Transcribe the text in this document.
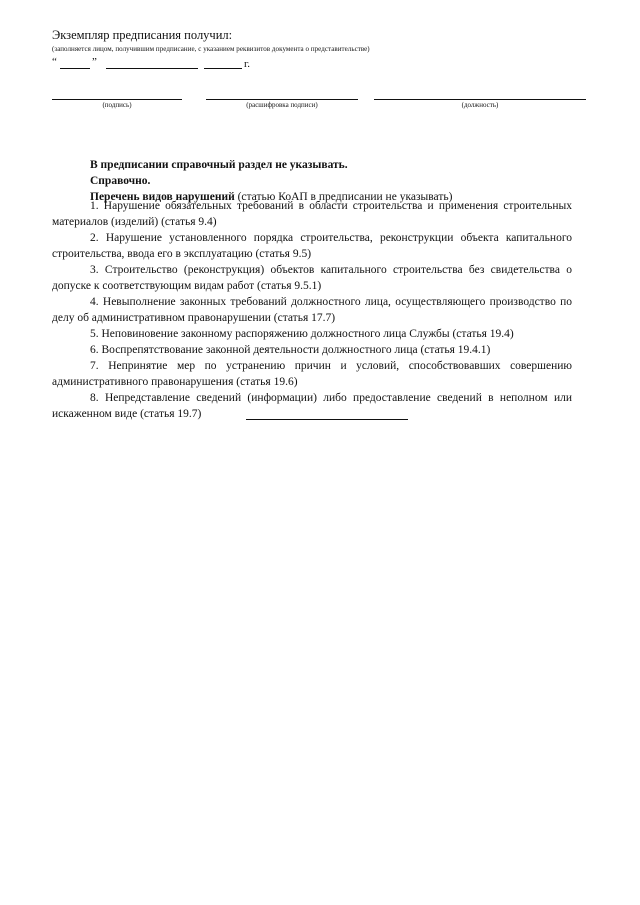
Экземпляр предписания получил:
(заполняется лицом, получившим предписание, с указанием реквизитов документа о представительстве)
“	”	г.
(подпись)	(расшифровка подписи)	(должность)

В предписании справочный раздел не указывать.

Справочно.

Перечень видов нарушений (статью КоАП в предписании не указывать)

1. Нарушение обязательных требований в области строительства и применения строительных материалов (изделий) (статья 9.4)
2. Нарушение установленного порядка строительства, реконструкции объекта капитального строительства, ввода его в эксплуатацию (статья 9.5)
3. Строительство (реконструкция) объектов капитального строительства без свидетельства о допуске к соответствующим видам работ (статья 9.5.1)
4. Невыполнение законных требований должностного лица, осуществляющего производство по делу об административном правонарушении (статья 17.7)
5. Неповиновение законному распоряжению должностного лица Службы (статья 19.4)
6. Воспрепятствование законной деятельности должностного лица (статья 19.4.1)
7. Непринятие мер по устранению причин и условий, способствовавших совершению административного правонарушения (статья 19.6)
8. Непредставление сведений (информации) либо предоставление сведений в неполном или искаженном виде (статья 19.7)
